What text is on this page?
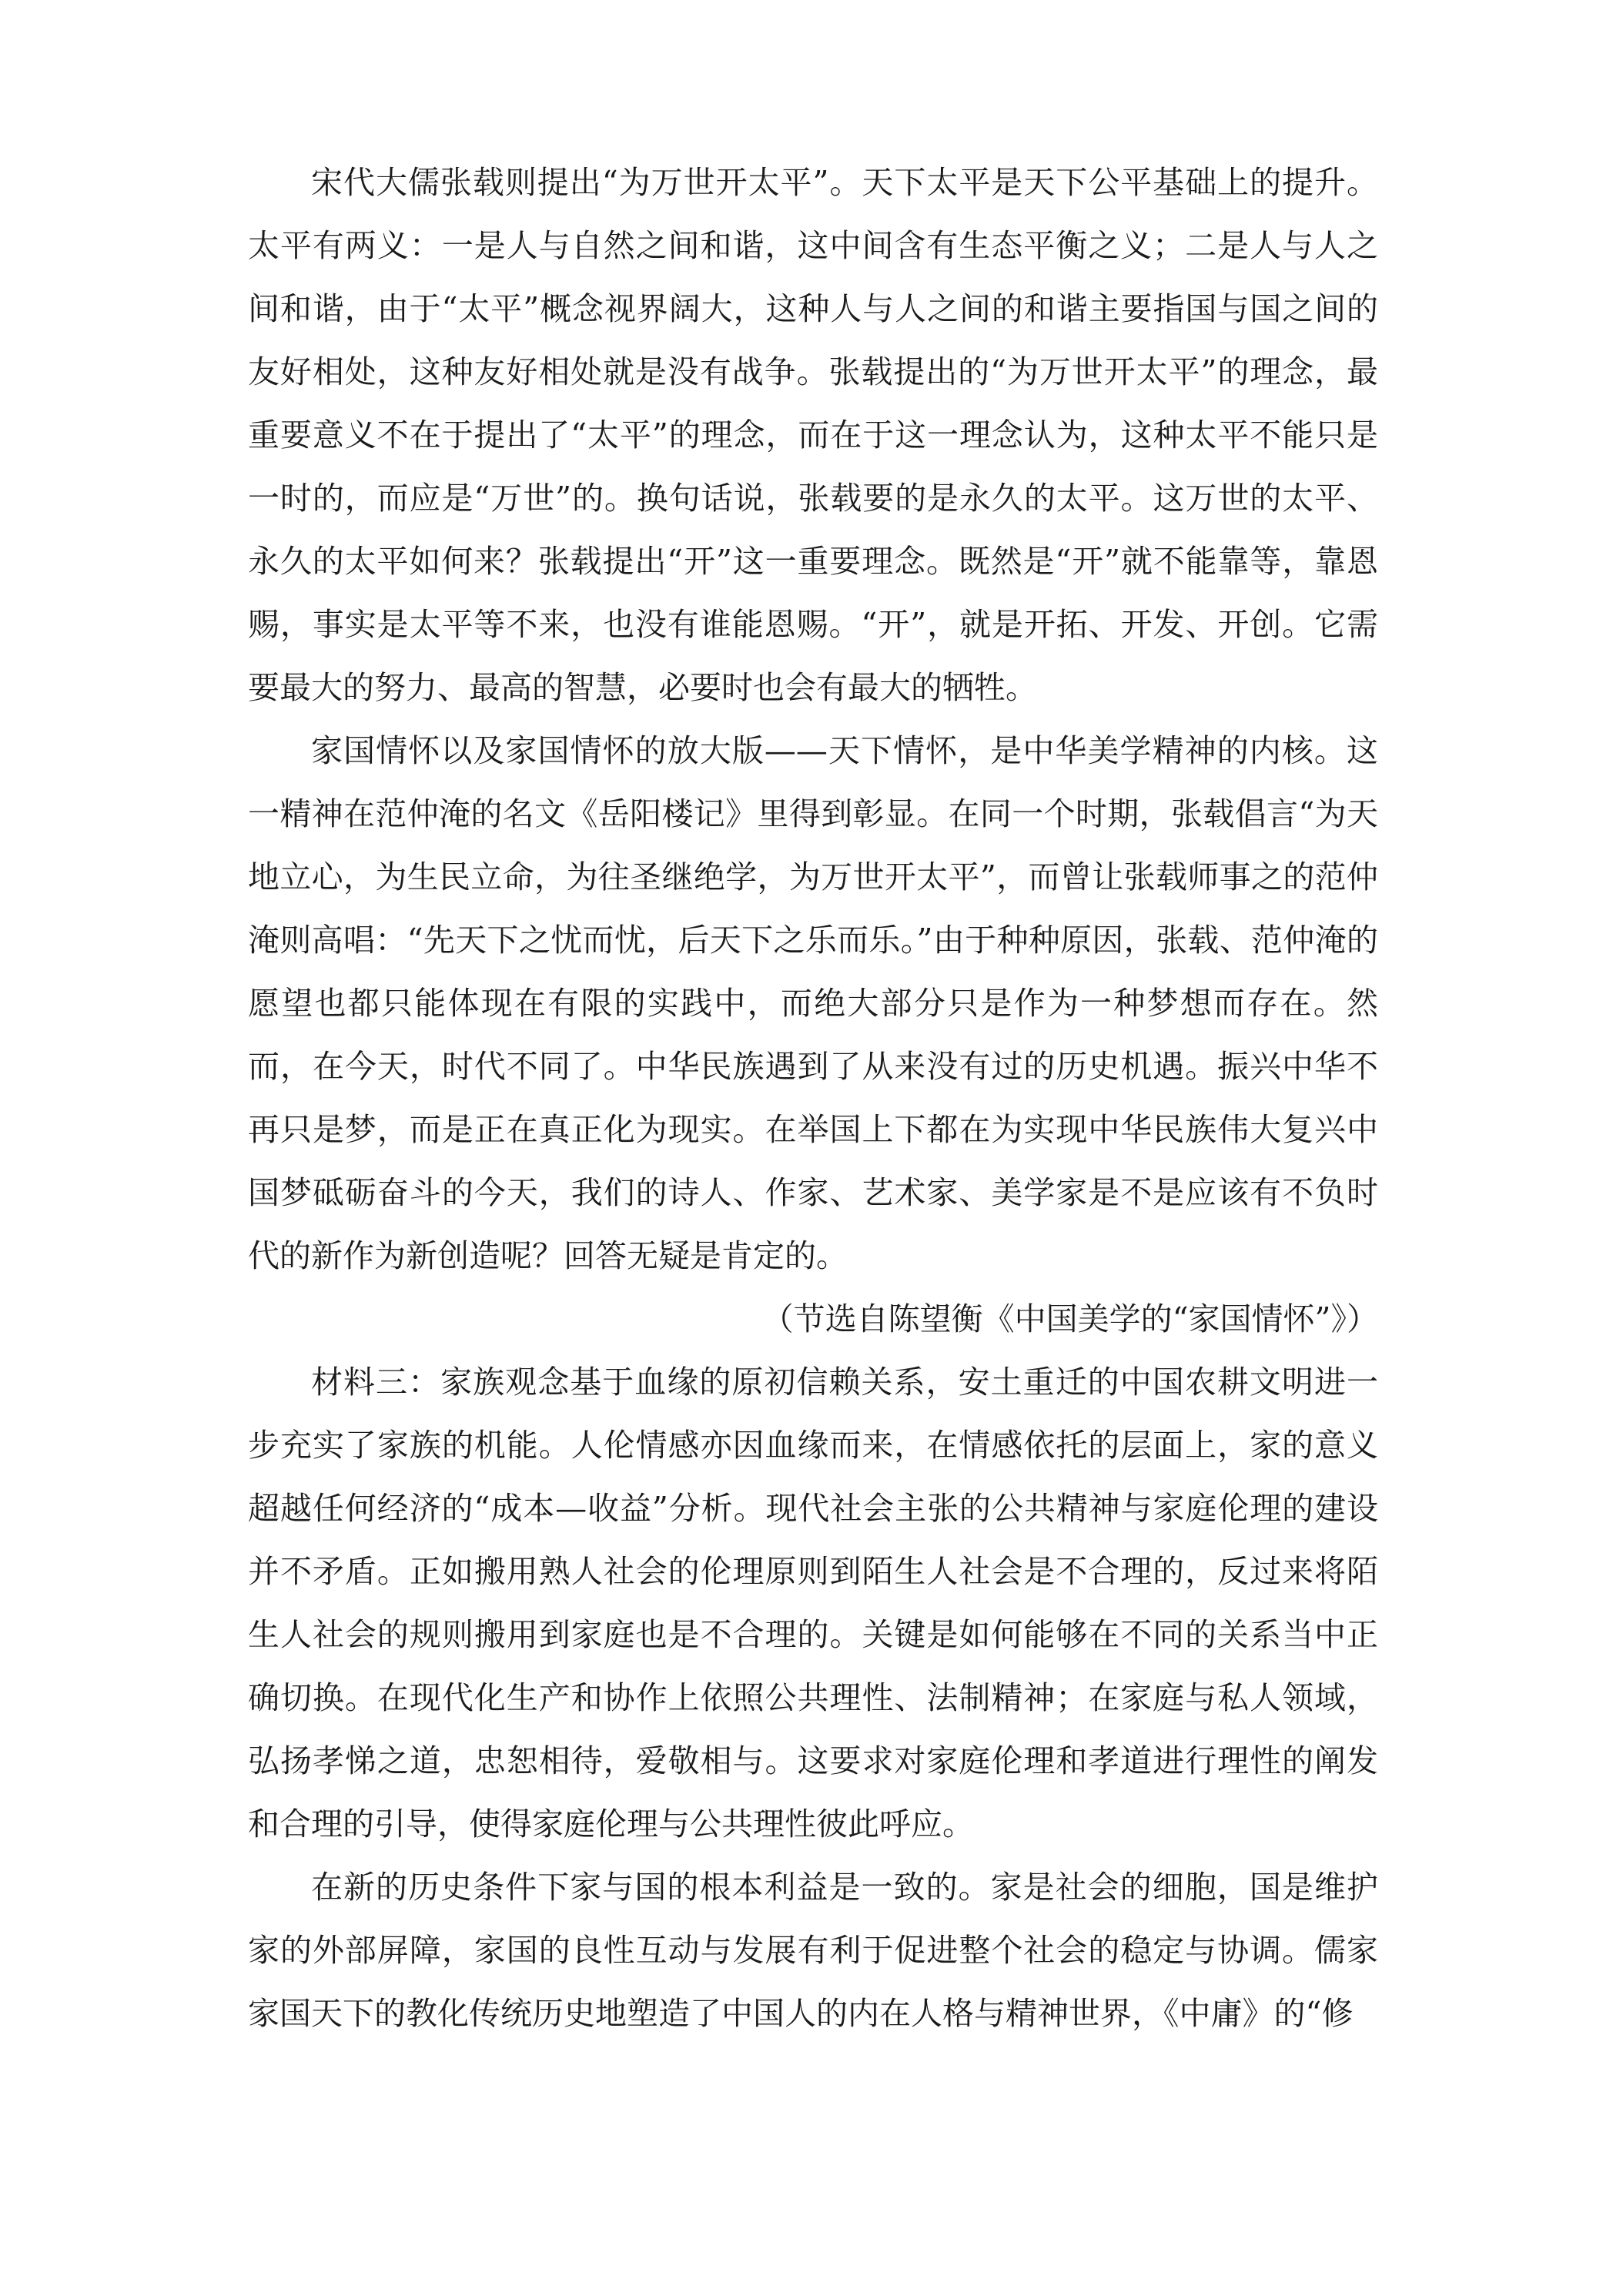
宋代大儒张载则提出“为万世开太平”。天下太平是天下公平基础上的提升。太平有两义：一是人与自然之间和谐，这中间含有生态平衡之义；二是人与人之间和谐，由于“太平”概念视界阔大，这种人与人之间的和谐主要指国与国之间的友好相处，这种友好相处就是没有战争。张载提出的“为万世开太平”的理念，最重要意义不在于提出了“太平”的理念，而在于这一理念认为，这种太平不能只是一时的，而应是“万世”的。换句话说，张载要的是永久的太平。这万世的太平、永久的太平如何来？张载提出“开”这一重要理念。既然是“开”就不能靠等，靠恩赐，事实是太平等不来，也没有谁能恩赐。“开”，就是开拓、开发、开创。它需要最大的努力、最高的智慧，必要时也会有最大的牺牲。

家国情怀以及家国情怀的放大版——天下情怀，是中华美学精神的内核。这一精神在范仲淹的名文《岳阳楼记》里得到彰显。在同一个时期，张载倡言“为天地立心，为生民立命，为往圣继绝学，为万世开太平”，而曾让张载师事之的范仲淹则高唱：“先天下之忧而忧，后天下之乐而乐。”由于种种原因，张载、范仲淹的愿望也都只能体现在有限的实践中，而绝大部分只是作为一种梦想而存在。然而，在今天，时代不同了。中华民族遇到了从来没有过的历史机遇。振兴中华不再只是梦，而是正在真正化为现实。在举国上下都在为实现中华民族伟大复兴中国梦砥砺奋斗的今天，我们的诗人、作家、艺术家、美学家是不是应该有不负时代的新作为新创造呢？回答无疑是肯定的。

（节选自陈望衡《中国美学的“家国情怀”》）

材料三：家族观念基于血缘的原初信赖关系，安土重迁的中国农耕文明进一步充实了家族的机能。人伦情感亦因血缘而来，在情感依托的层面上，家的意义超越任何经济的“成本—收益”分析。现代社会主张的公共精神与家庭伦理的建设并不矛盾。正如搬用熟人社会的伦理原则到陌生人社会是不合理的，反过来将陌生人社会的规则搬用到家庭也是不合理的。关键是如何能够在不同的关系当中正确切换。在现代化生产和协作上依照公共理性、法制精神；在家庭与私人领域，弘扬孝悌之道，忠恕相待，爱敬相与。这要求对家庭伦理和孝道进行理性的阐发和合理的引导，使得家庭伦理与公共理性彼此呼应。

在新的历史条件下家与国的根本利益是一致的。家是社会的细胞，国是维护家的外部屏障，家国的良性互动与发展有利于促进整个社会的稳定与协调。儒家家国天下的教化传统历史地塑造了中国人的内在人格与精神世界，《中庸》的“修
